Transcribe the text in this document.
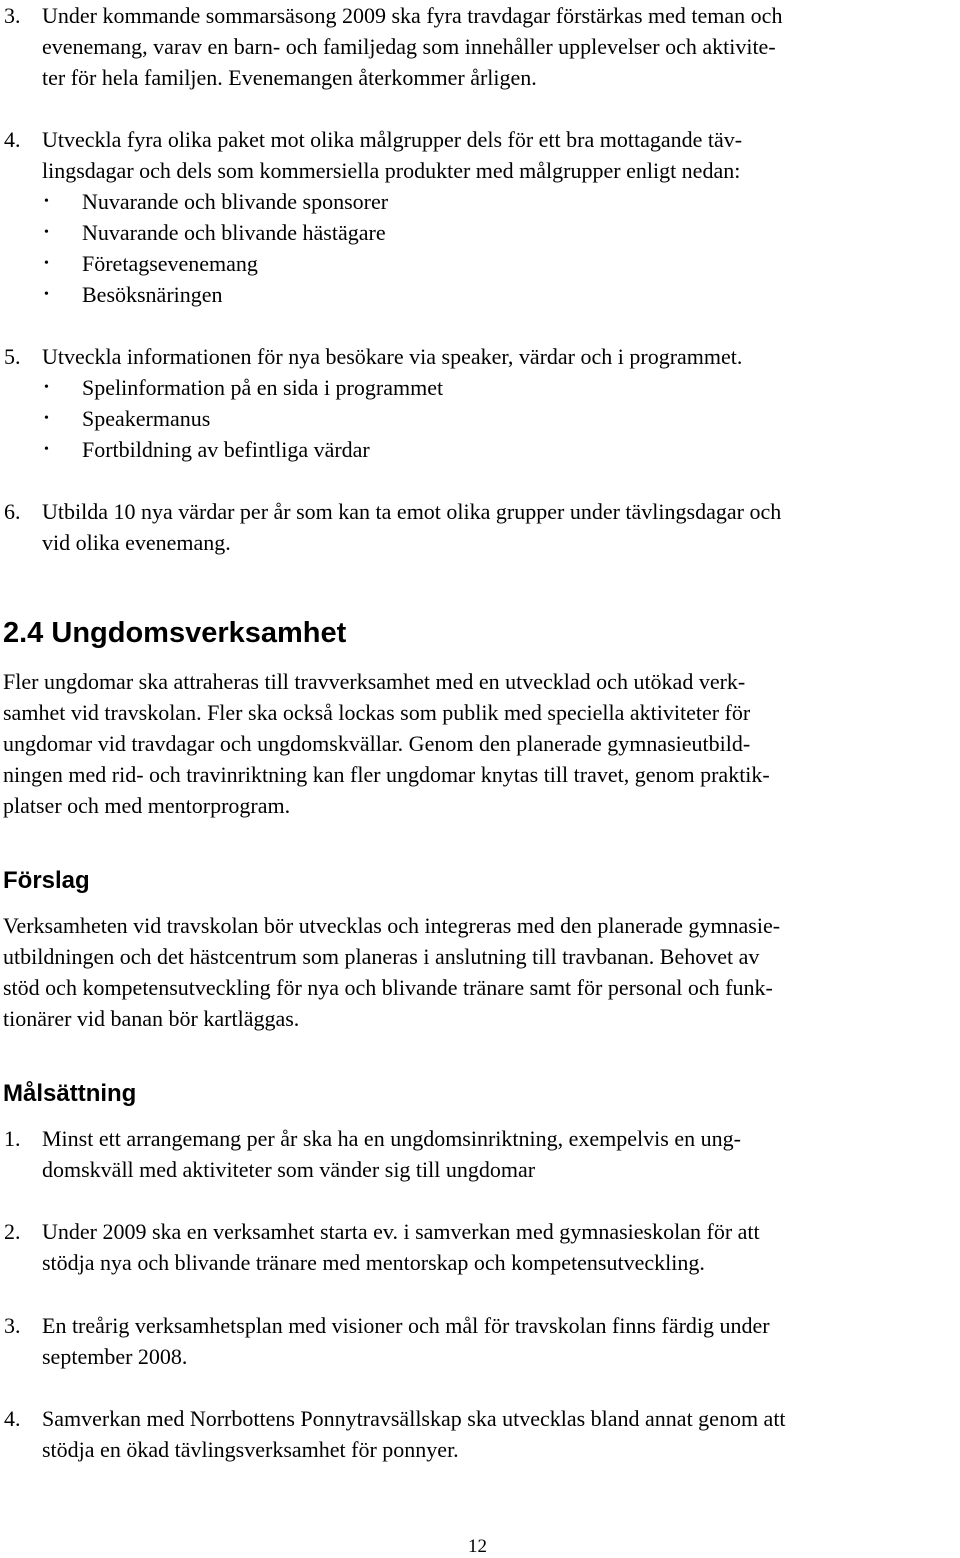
3. Under kommande sommarsäsong 2009 ska fyra travdagar förstärkas med teman och
evenemang, varav en barn- och familjedag som innehåller upplevelser och aktivite-
ter för hela familjen. Evenemangen återkommer årligen.
4. Utveckla fyra olika paket mot olika målgrupper dels för ett bra mottagande täv-
lingsdagar och dels som kommersiella produkter med målgrupper enligt nedan:
• Nuvarande och blivande sponsorer
• Nuvarande och blivande hästägare
• Företagsevenemang
• Besöksnäringen
5. Utveckla informationen för nya besökare via speaker, värdar och i programmet.
• Spelinformation på en sida i programmet
• Speakermanus
• Fortbildning av befintliga värdar
6. Utbilda 10 nya värdar per år som kan ta emot olika grupper under tävlingsdagar och
vid olika evenemang.
2.4 Ungdomsverksamhet
Fler ungdomar ska attraheras till travverksamhet med en utvecklad och utökad verk-
samhet vid travskolan. Fler ska också lockas som publik med speciella aktiviteter för
ungdomar vid travdagar och ungdomskvällar. Genom den planerade gymnasieutbild-
ningen med rid- och travinriktning kan fler ungdomar knytas till travet, genom praktik-
platser och med mentorprogram.
Förslag
Verksamheten vid travskolan bör utvecklas och integreras med den planerade gymnasie-
utbildningen och det hästcentrum som planeras i anslutning till travbanan. Behovet av
stöd och kompetensutveckling för nya och blivande tränare samt för personal och funk-
tionärer vid banan bör kartläggas.
Målsättning
1. Minst ett arrangemang per år ska ha en ungdomsinriktning, exempelvis en ung-
domskväll med aktiviteter som vänder sig till ungdomar
2. Under 2009 ska en verksamhet starta ev. i samverkan med gymnasieskolan för att
stödja nya och blivande tränare med mentorskap och kompetensutveckling.
3. En treårig verksamhetsplan med visioner och mål för travskolan finns färdig under
september 2008.
4. Samverkan med Norrbottens Ponnytravsällskap ska utvecklas bland annat genom att
stödja en ökad tävlingsverksamhet för ponnyer.
12
